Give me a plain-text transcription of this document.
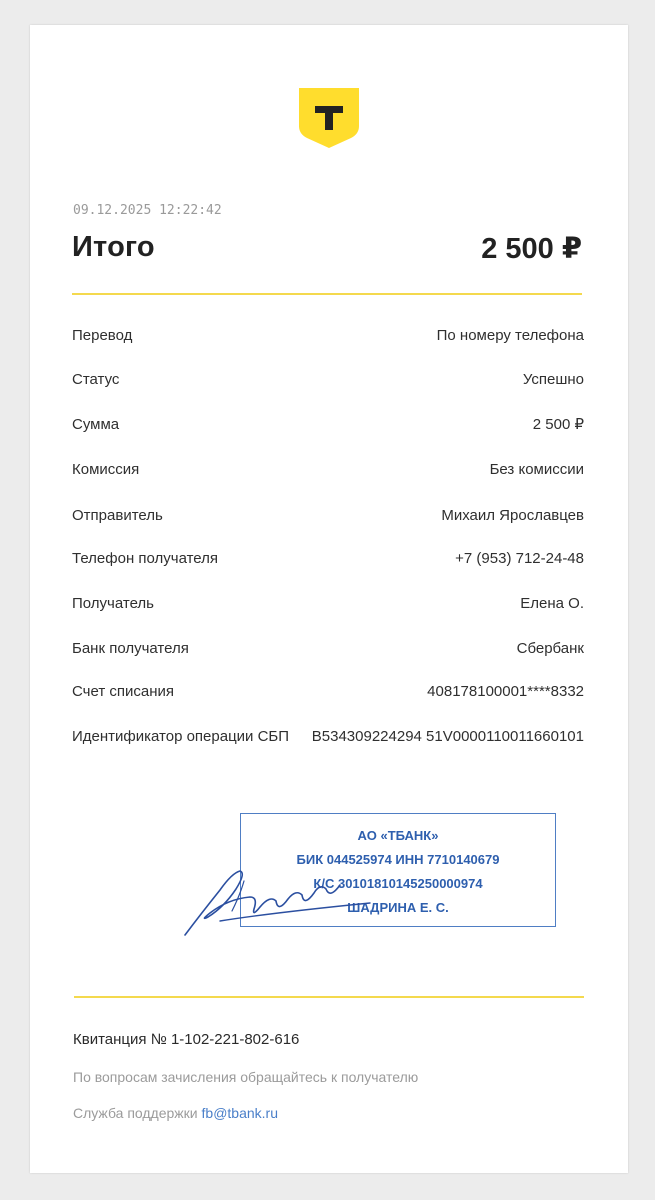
09.12.2025 12:22:42
Итого	2 500 ₽
Перевод	По номеру телефона
Статус	Успешно
Сумма	2 500 ₽
Комиссия	Без комиссии
Отправитель	Михаил Ярославцев
Телефон получателя	+7 (953) 712-24-48
Получатель	Елена О.
Банк получателя	Сбербанк
Счет списания	408178100001****8332
Идентификатор операции СБП	B534309224294 51V0000110011660101
АО «ТБАНК»
БИК 044525974 ИНН 7710140679
К/С 30101810145250000974
ШАДРИНА Е. С.
Квитанция № 1-102-221-802-616
По вопросам зачисления обращайтесь к получателю
Служба поддержки fb@tbank.ru
